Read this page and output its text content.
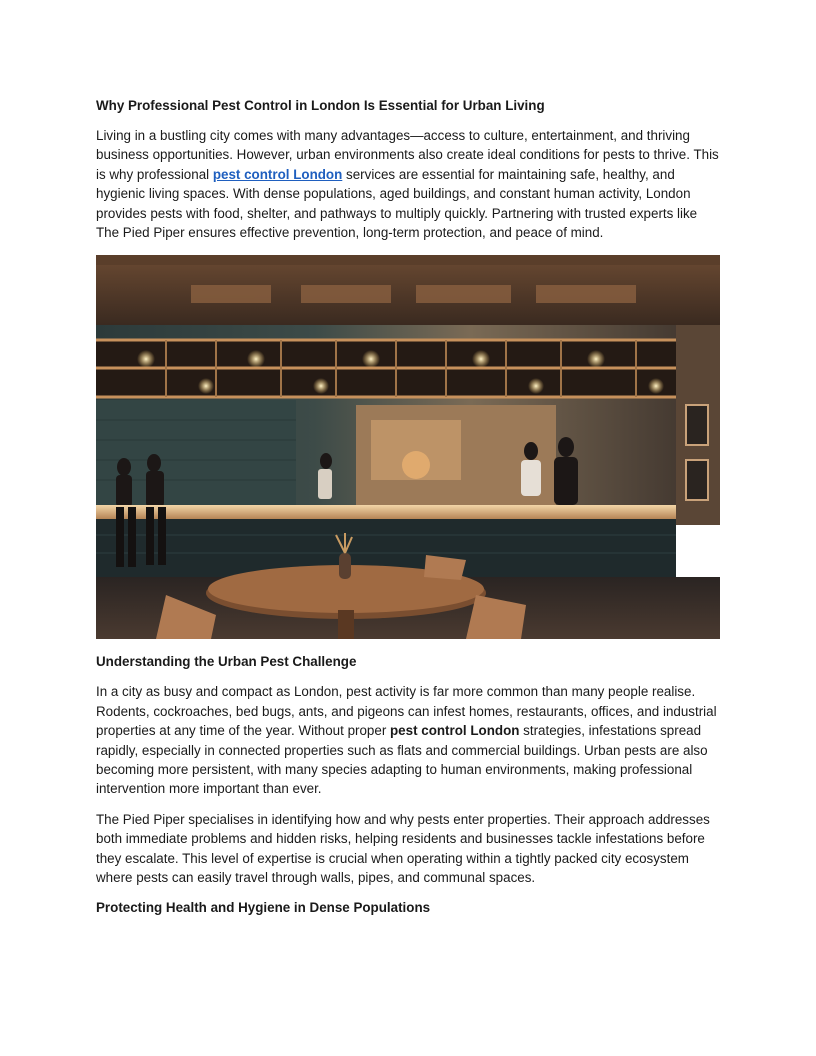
Why Professional Pest Control in London Is Essential for Urban Living

Living in a bustling city comes with many advantages—access to culture, entertainment, and thriving business opportunities. However, urban environments also create ideal conditions for pests to thrive. This is why professional pest control London services are essential for maintaining safe, healthy, and hygienic living spaces. With dense populations, aged buildings, and constant human activity, London provides pests with food, shelter, and pathways to multiply quickly. Partnering with trusted experts like The Pied Piper ensures effective prevention, long-term protection, and peace of mind.

Understanding the Urban Pest Challenge

In a city as busy and compact as London, pest activity is far more common than many people realise. Rodents, cockroaches, bed bugs, ants, and pigeons can infest homes, restaurants, offices, and industrial properties at any time of the year. Without proper pest control London strategies, infestations spread rapidly, especially in connected properties such as flats and commercial buildings. Urban pests are also becoming more persistent, with many species adapting to human environments, making professional intervention more important than ever.

The Pied Piper specialises in identifying how and why pests enter properties. Their approach addresses both immediate problems and hidden risks, helping residents and businesses tackle infestations before they escalate. This level of expertise is crucial when operating within a tightly packed city ecosystem where pests can easily travel through walls, pipes, and communal spaces.

Protecting Health and Hygiene in Dense Populations
